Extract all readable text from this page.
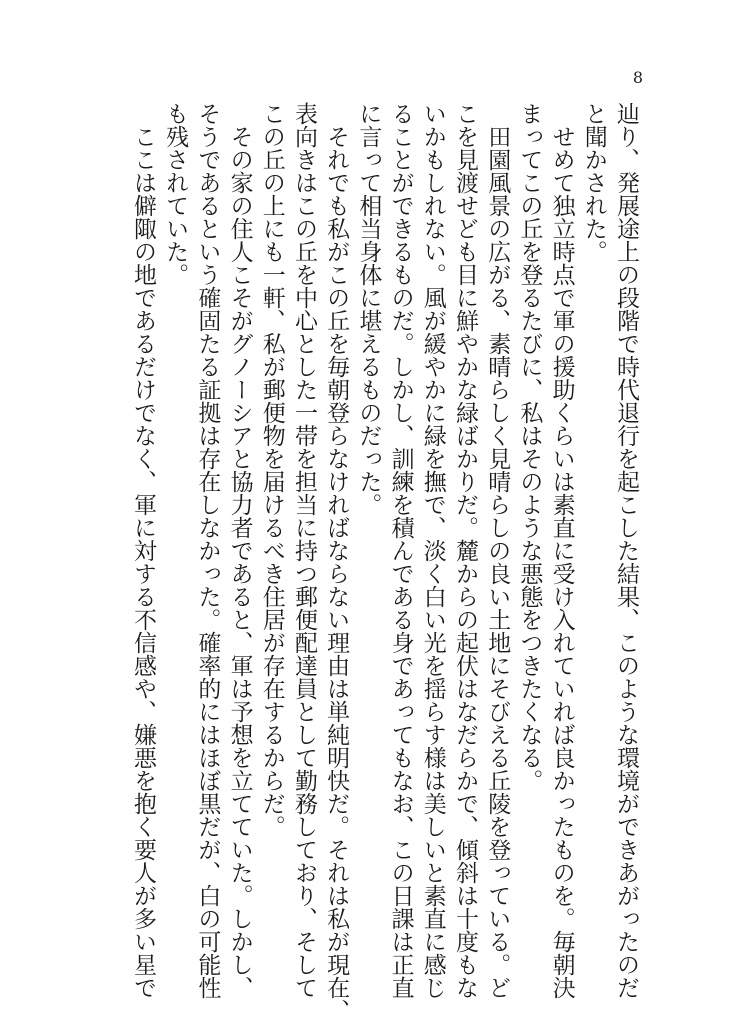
8
辿り、発展途上の段階で時代退行を起こした結果、このような環境ができあがったのだ
と聞かされた。
　せめて独立時点で軍の援助くらいは素直に受け入れていれば良かったものを。毎朝決
まってこの丘を登るたびに、私はそのような悪態をつきたくなる。
　田園風景の広がる、素晴らしく見晴らしの良い土地にそびえる丘陵を登っている。ど
こを見渡せども目に鮮やかな緑ばかりだ。麓からの起伏はなだらかで、傾斜は十度もな
いかもしれない。風が緩やかに緑を撫で、淡く白い光を揺らす様は美しいと素直に感じ
ることができるものだ。しかし、訓練を積んである身であってもなお、この日課は正直
に言って相当身体に堪えるものだった。
　それでも私がこの丘を毎朝登らなければならない理由は単純明快だ。それは私が現在、
表向きはこの丘を中心とした一帯を担当に持つ郵便配達員として勤務しており、そして
この丘の上にも一軒、私が郵便物を届けるべき住居が存在するからだ。
　その家の住人こそがグノーシアと協力者であると、軍は予想を立てていた。しかし、
そうであるという確固たる証拠は存在しなかった。確率的にはほぼ黒だが、白の可能性
も残されていた。
　ここは僻陬の地であるだけでなく、軍に対する不信感や、嫌悪を抱く要人が多い星で
